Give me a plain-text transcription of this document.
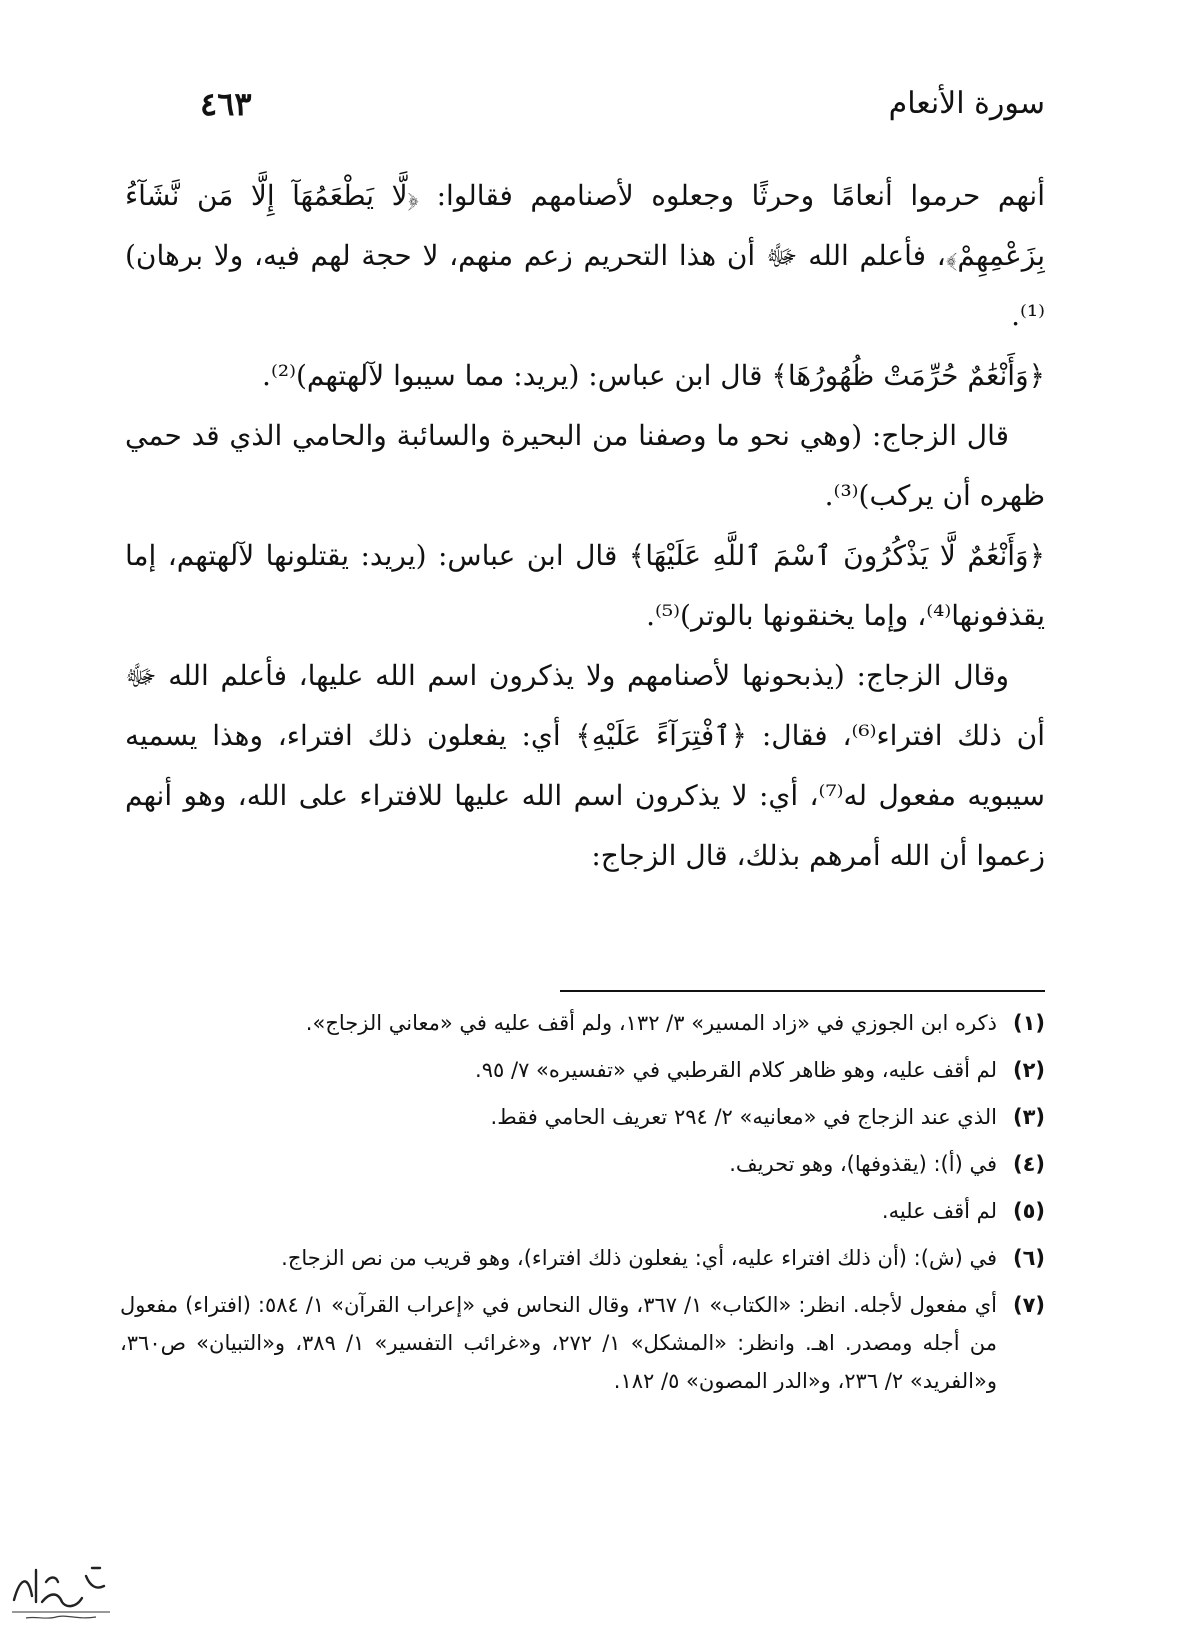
سورة الأنعام
٤٦٣

أنهم حرموا أنعامًا وحرثًا وجعلوه لأصنامهم فقالوا: ﴿لَّا يَطْعَمُهَآ إِلَّا مَن نَّشَآءُ بِزَعْمِهِمْ﴾، فأعلم الله ﷻ أن هذا التحريم زعم منهم، لا حجة لهم فيه، ولا برهان)⁽¹⁾.

﴿وَأَنْعَٰمٌ حُرِّمَتْ ظُهُورُهَا﴾ قال ابن عباس: (يريد: مما سيبوا لآلهتهم)⁽²⁾.

قال الزجاج: (وهي نحو ما وصفنا من البحيرة والسائبة والحامي الذي قد حمي ظهره أن يركب)⁽³⁾.

﴿وَأَنْعَٰمٌ لَّا يَذْكُرُونَ ٱسْمَ ٱللَّهِ عَلَيْهَا﴾ قال ابن عباس: (يريد: يقتلونها لآلهتهم، إما يقذفونها⁽⁴⁾، وإما يخنقونها بالوتر)⁽⁵⁾.

وقال الزجاج: (يذبحونها لأصنامهم ولا يذكرون اسم الله عليها، فأعلم الله ﷻ أن ذلك افتراء⁽⁶⁾، فقال: ﴿ٱفْتِرَآءً عَلَيْهِ﴾ أي: يفعلون ذلك افتراء، وهذا يسميه سيبويه مفعول له⁽⁷⁾، أي: لا يذكرون اسم الله عليها للافتراء على الله، وهو أنهم زعموا أن الله أمرهم بذلك، قال الزجاج:

(١)
ذكره ابن الجوزي في «زاد المسير» ٣/ ١٣٢، ولم أقف عليه في «معاني الزجاج».
(٢)
لم أقف عليه، وهو ظاهر كلام القرطبي في «تفسيره» ٧/ ٩٥.
(٣)
الذي عند الزجاج في «معانيه» ٢/ ٢٩٤ تعريف الحامي فقط.
(٤)
في (أ): (يقذوفها)، وهو تحريف.
(٥)
لم أقف عليه.
(٦)
في (ش): (أن ذلك افتراء عليه، أي: يفعلون ذلك افتراء)، وهو قريب من نص الزجاج.
(٧)
أي مفعول لأجله. انظر: «الكتاب» ١/ ٣٦٧، وقال النحاس في «إعراب القرآن» ١/ ٥٨٤: (افتراء) مفعول من أجله ومصدر. اهـ. وانظر: «المشكل» ١/ ٢٧٢، و«غرائب التفسير» ١/ ٣٨٩، و«التبيان» ص٣٦٠، و«الفريد» ٢/ ٢٣٦، و«الدر المصون» ٥/ ١٨٢.
